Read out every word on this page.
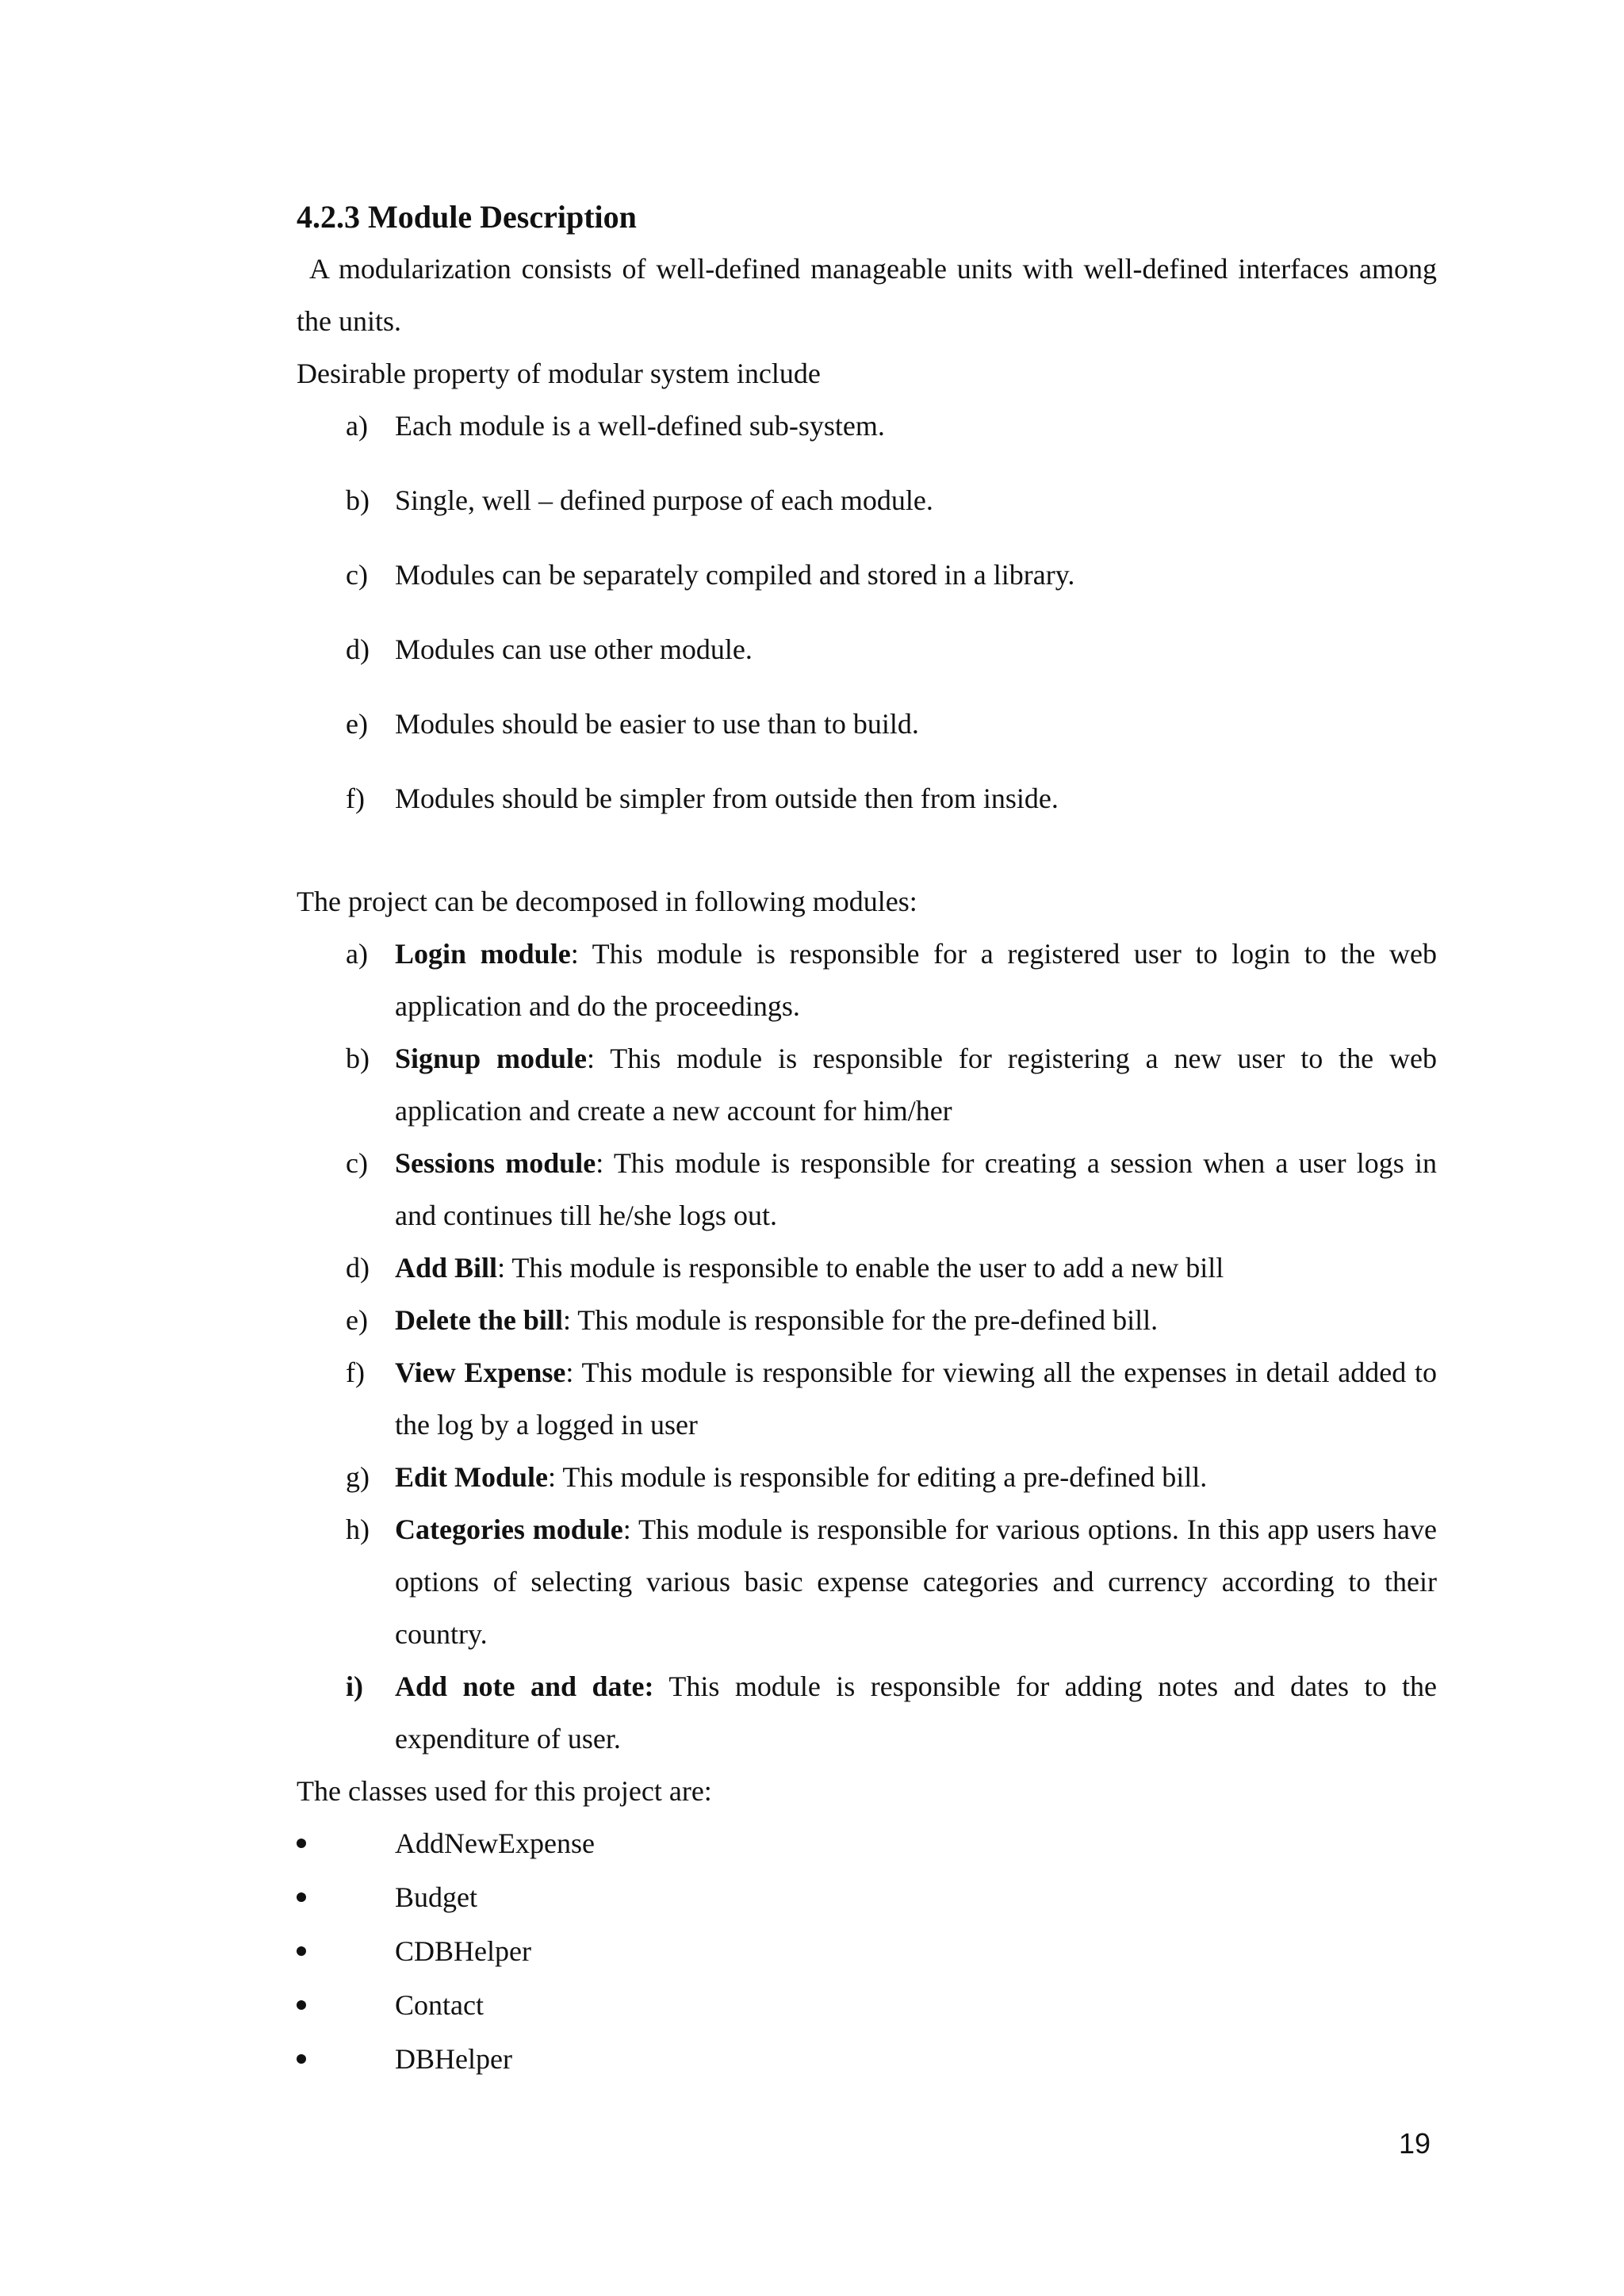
4.2.3 Module Description

A modularization consists of well-defined manageable units with well-defined interfaces among the units.

Desirable property of modular system include

a) Each module is a well-defined sub-system.
b) Single, well – defined purpose of each module.
c) Modules can be separately compiled and stored in a library.
d) Modules can use other module.
e) Modules should be easier to use than to build.
f) Modules should be simpler from outside then from inside.

The project can be decomposed in following modules:

a) Login module: This module is responsible for a registered user to login to the web application and do the proceedings.
b) Signup module: This module is responsible for registering a new user to the web application and create a new account for him/her
c) Sessions module: This module is responsible for creating a session when a user logs in and continues till he/she logs out.
d) Add Bill: This module is responsible to enable the user to add a new bill
e) Delete the bill: This module is responsible for the pre-defined bill.
f) View Expense: This module is responsible for viewing all the expenses in detail added to the log by a logged in user
g) Edit Module: This module is responsible for editing a pre-defined bill.
h) Categories module: This module is responsible for various options. In this app users have options of selecting various basic expense categories and currency according to their country.
i) Add note and date: This module is responsible for adding notes and dates to the expenditure of user.

The classes used for this project are:

AddNewExpense
Budget
CDBHelper
Contact
DBHelper
19
